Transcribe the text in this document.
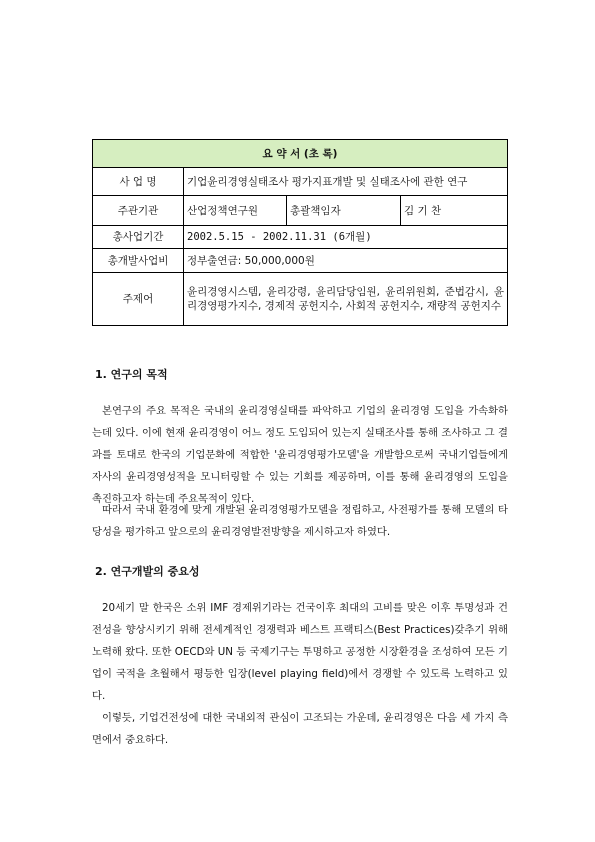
요 약 서 (초 록)			
사 업 명	기업윤리경영실태조사 평가지표개발 및 실태조사에 관한 연구		
주관기관	산업정책연구원	총괄책임자	김 기 찬
총사업기간	2002.5.15 - 2002.11.31 (6개월)		
총개발사업비	정부출연금: 50,000,000원		
주제어	윤리경영시스템, 윤리강령, 윤리담당임원, 윤리위원회, 준법감시, 윤리경영평가지수, 경제적 공헌지수, 사회적 공헌지수, 재량적 공헌지수		
1. 연구의 목적

본연구의 주요 목적은 국내의 윤리경영실태를 파악하고 기업의 윤리경영 도입을 가속화하는데 있다. 이에 현재 윤리경영이 어느 정도 도입되어 있는지 실태조사를 통해 조사하고 그 결과를 토대로 한국의 기업문화에 적합한 '윤리경영평가모델'을 개발함으로써 국내기업들에게 자사의 윤리경영성적을 모니터링할 수 있는 기회를 제공하며, 이를 통해 윤리경영의 도입을 촉진하고자 하는데 주요목적이 있다.

따라서 국내 환경에 맞게 개발된 윤리경영평가모델을 정립하고, 사전평가를 통해 모델의 타당성을 평가하고 앞으로의 윤리경영발전방향을 제시하고자 하였다.

2. 연구개발의 중요성

20세기 말 한국은 소위 IMF 경제위기라는 건국이후 최대의 고비를 맞은 이후 투명성과 건전성을 향상시키기 위해 전세계적인 경쟁력과 베스트 프랙티스(Best Practices)갖추기 위해 노력해 왔다. 또한 OECD와 UN 등 국제기구는 투명하고 공정한 시장환경을 조성하여 모든 기업이 국적을 초월해서 평등한 입장(level playing field)에서 경쟁할 수 있도록 노력하고 있다.

이렇듯, 기업건전성에 대한 국내외적 관심이 고조되는 가운데, 윤리경영은 다음 세 가지 측면에서 중요하다.
